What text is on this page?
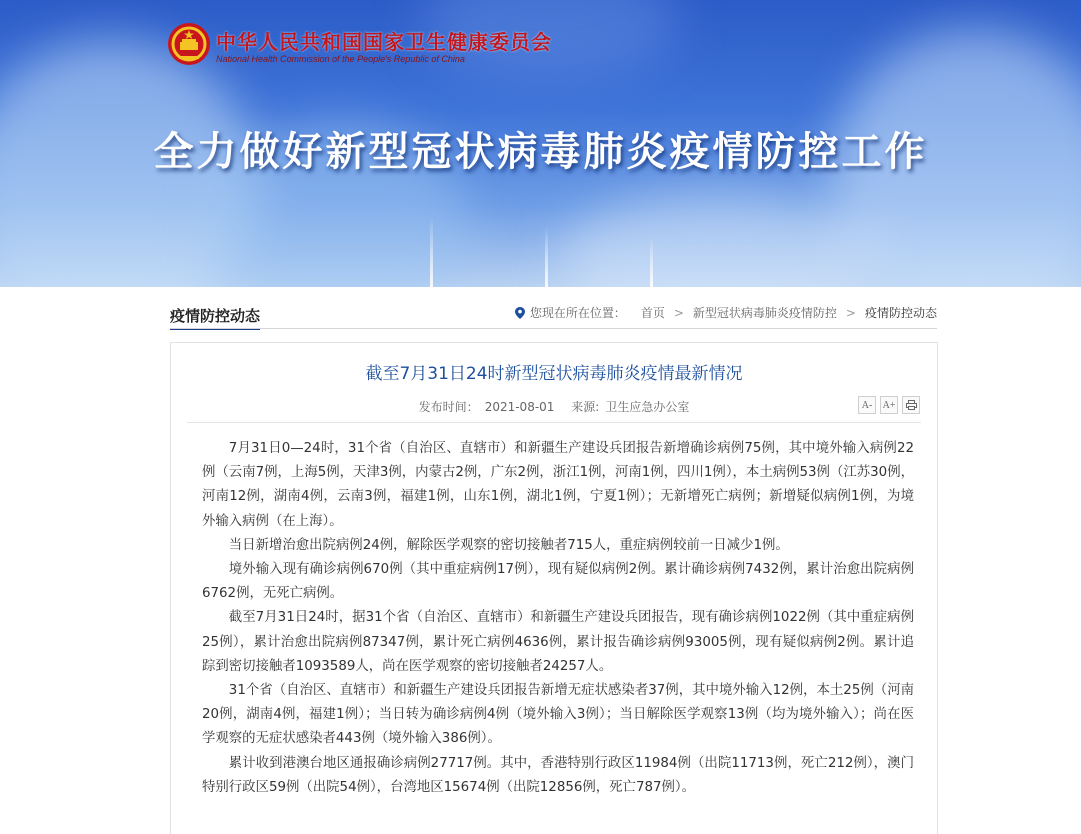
中华人民共和国国家卫生健康委员会
National Health Commission of the People's Republic of China
全力做好新型冠状病毒肺炎疫情防控工作
疫情防控动态	您现在所在位置： 首页 > 新型冠状病毒肺炎疫情防控 > 疫情防控动态
截至7月31日24时新型冠状病毒肺炎疫情最新情况
发布时间： 2021-08-01 来源: 卫生应急办公室	A-	A+

7月31日0—24时，31个省（自治区、直辖市）和新疆生产建设兵团报告新增确诊病例75例，其中境外输入病例22例（云南7例，上海5例，天津3例，内蒙古2例，广东2例，浙江1例，河南1例，四川1例），本土病例53例（江苏30例，河南12例，湖南4例，云南3例，福建1例，山东1例，湖北1例，宁夏1例）；无新增死亡病例；新增疑似病例1例，为境外输入病例（在上海）。

当日新增治愈出院病例24例，解除医学观察的密切接触者715人，重症病例较前一日减少1例。

境外输入现有确诊病例670例（其中重症病例17例），现有疑似病例2例。累计确诊病例7432例，累计治愈出院病例6762例，无死亡病例。

截至7月31日24时，据31个省（自治区、直辖市）和新疆生产建设兵团报告，现有确诊病例1022例（其中重症病例25例），累计治愈出院病例87347例，累计死亡病例4636例，累计报告确诊病例93005例，现有疑似病例2例。累计追踪到密切接触者1093589人，尚在医学观察的密切接触者24257人。

31个省（自治区、直辖市）和新疆生产建设兵团报告新增无症状感染者37例，其中境外输入12例，本土25例（河南20例，湖南4例，福建1例）；当日转为确诊病例4例（境外输入3例）；当日解除医学观察13例（均为境外输入）；尚在医学观察的无症状感染者443例（境外输入386例）。

累计收到港澳台地区通报确诊病例27717例。其中，香港特别行政区11984例（出院11713例，死亡212例），澳门特别行政区59例（出院54例），台湾地区15674例（出院12856例，死亡787例）。
